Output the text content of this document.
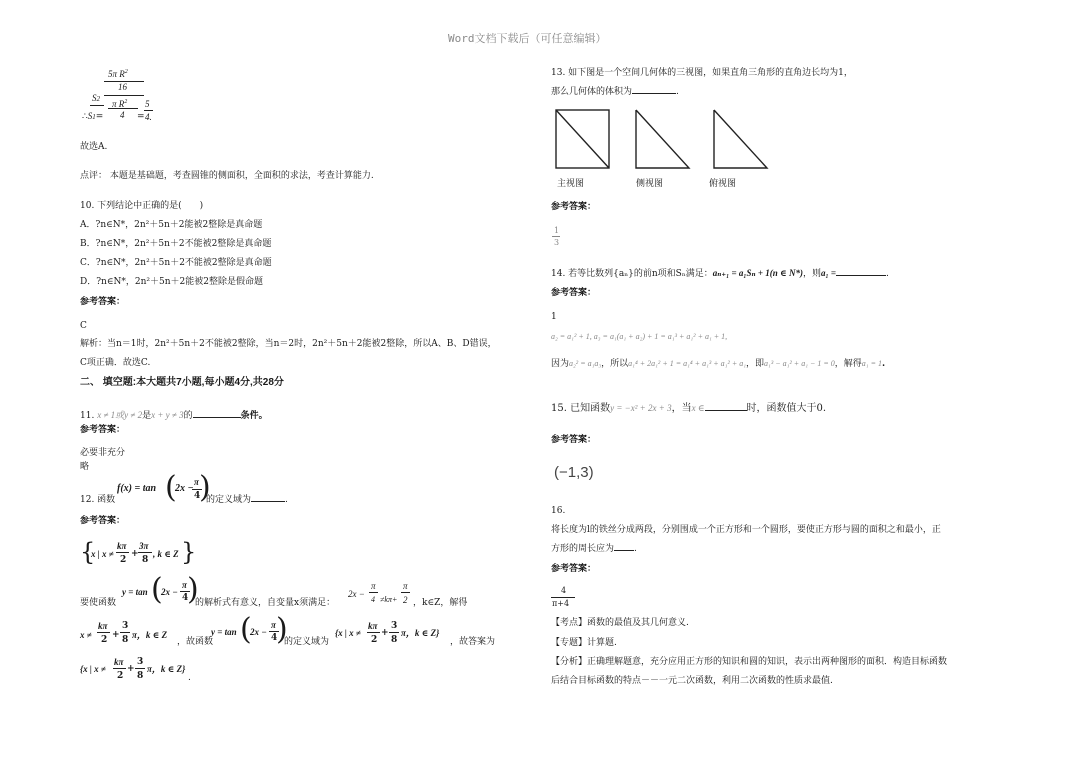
Word文档下载后（可任意编辑）
5π $R^2$
16
S2 π $R^2$
4
5
∴S1=	= 4.
故选A.
点评： 本题是基础题，考查圆锥的侧面积，全面积的求法，考查计算能力.
10. 下列结论中正确的是(　　)
A．?n∈N*，2n²＋5n＋2能被2整除是真命题
B．?n∈N*，2n²＋5n＋2不能被2整除是真命题
C．?n∈N*，2n²＋5n＋2不能被2整除是真命题
D．?n∈N*，2n²＋5n＋2能被2整除是假命题
参考答案：
C
解析：当n＝1时，2n²＋5n＋2不能被2整除，当n＝2时，2n²＋5n＋2能被2整除，所以A、B、D错误，
C项正确．故选C.
二、 填空题:本大题共7小题,每小题4分,共28分
11. x ≠ 1或y ≠ 2是x + y ≠ 3的	条件。
参考答案：
必要非充分
略
12. 函数
f(x) = tan (
2x −
π
4
)
的定义域为	.
参考答案：
{
x | x ≠
kπ
2
+
3π
8
, k ∈ Z }
要使函数
y = tan (
2x −
π
4
)
的解析式有意义，自变量x须满足：
2x −
π
4 ≠kπ+
π
2 ，k∈Z，解得
x ≠
kπ
2 +
3
8 π，k ∈ Z
，故函数
y = tan (
2x −
π
4
)
的定义域为
{x | x ≠
kπ
2
+
3
8
π，k ∈ Z}
，故答案为
{x | x ≠
kπ
2
+
3
8
π，k ∈ Z}
.
13. 如下图是一个空间几何体的三视图，如果直角三角形的直角边长均为1，
那么几何体的体积为	.
主视图	侧视图	俯视图
参考答案：
1
3
14. 若等比数列{aₙ}的前n项和Sₙ满足：aₙ₊₁ = a₁Sₙ + 1(n ∈ N*)，则a₁ =	.
参考答案：
1
a₂ = a₁² + 1, a₃ = a₁(a₁ + a₂) + 1 = a₁³ + a₁² + a₁ + 1,
因为a₂² = a₁a₃，所以a₁⁴ + 2a₁² + 1 = a₁⁴ + a₁³ + a₁² + a₁，即a₁³ − a₁² + a₁ − 1 = 0，解得a₁ = 1.
15. 已知函数y = −x² + 2x + 3，当x ∈	时，函数值大于0.
参考答案：
(−1,3)
16.
将长度为l的铁丝分成两段，分别围成一个正方形和一个圆形，要使正方形与圆的面积之和最小，正
方形的周长应为 .
参考答案：
4
π+4
【考点】函数的最值及其几何意义.
【专题】计算题.
【分析】正确理解题意，充分应用正方形的知识和圆的知识，表示出两种图形的面积．构造目标函数
后结合目标函数的特点－－一元二次函数，利用二次函数的性质求最值.
